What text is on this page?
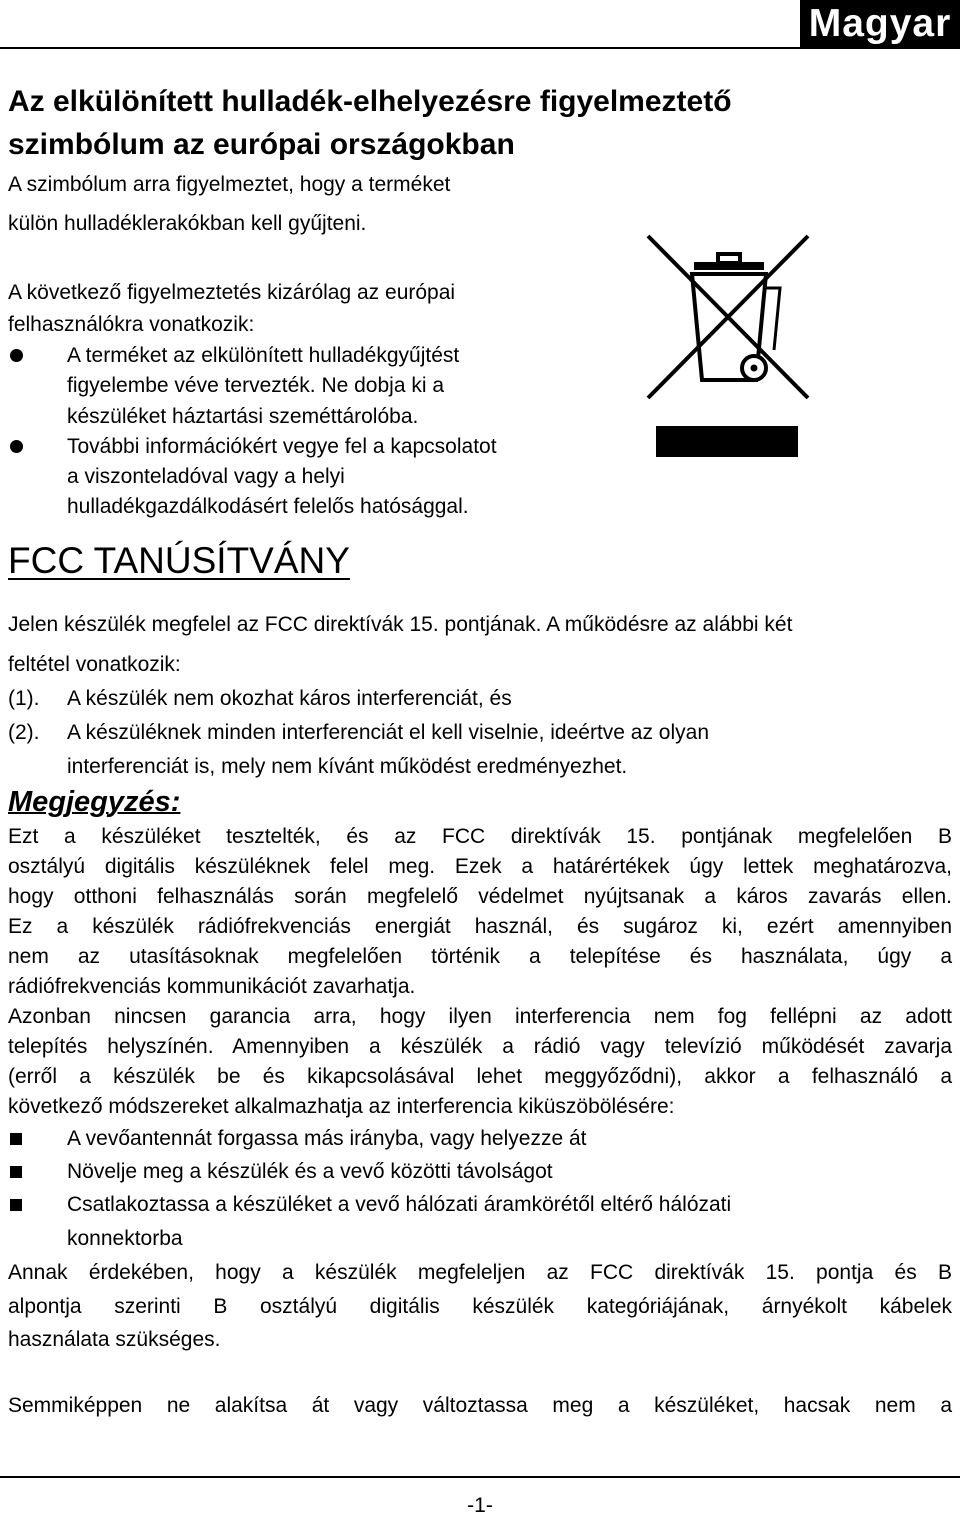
Magyar
Az elkülönített hulladék-elhelyezésre figyelmeztető
szimbólum az európai országokban
A szimbólum arra figyelmeztet, hogy a terméket
külön hulladéklerakókban kell gyűjteni.
A következő figyelmeztetés kizárólag az európai
felhasználókra vonatkozik:
A terméket az elkülönített hulladékgyűjtést
figyelembe véve tervezték. Ne dobja ki a
készüléket háztartási szeméttárolóba.
További információkért vegye fel a kapcsolatot
a viszonteladóval vagy a helyi
hulladékgazdálkodásért felelős hatósággal.
FCC TANÚSÍTVÁNY
Jelen készülék megfelel az FCC direktívák 15. pontjának. A működésre az alábbi két
feltétel vonatkozik:
(1). A készülék nem okozhat káros interferenciát, és
(2). A készüléknek minden interferenciát el kell viselnie, ideértve az olyan
interferenciát is, mely nem kívánt működést eredményezhet.
Megjegyzés:
Ezt a készüléket tesztelték, és az FCC direktívák 15. pontjának megfelelően B
osztályú digitális készüléknek felel meg. Ezek a határértékek úgy lettek meghatározva,
hogy otthoni felhasználás során megfelelő védelmet nyújtsanak a káros zavarás ellen.
Ez a készülék rádiófrekvenciás energiát használ, és sugároz ki, ezért amennyiben
nem az utasításoknak megfelelően történik a telepítése és használata, úgy a
rádiófrekvenciás kommunikációt zavarhatja.
Azonban nincsen garancia arra, hogy ilyen interferencia nem fog fellépni az adott
telepítés helyszínén. Amennyiben a készülék a rádió vagy televízió működését zavarja
(erről a készülék be és kikapcsolásával lehet meggyőződni), akkor a felhasználó a
következő módszereket alkalmazhatja az interferencia kiküszöbölésére:
A vevőantennát forgassa más irányba, vagy helyezze át
Növelje meg a készülék és a vevő közötti távolságot
Csatlakoztassa a készüléket a vevő hálózati áramkörétől eltérő hálózati
konnektorba
Annak érdekében, hogy a készülék megfeleljen az FCC direktívák 15. pontja és B
alpontja szerinti B osztályú digitális készülék kategóriájának, árnyékolt kábelek
használata szükséges.
Semmiképpen ne alakítsa át vagy változtassa meg a készüléket, hacsak nem a
-1-
